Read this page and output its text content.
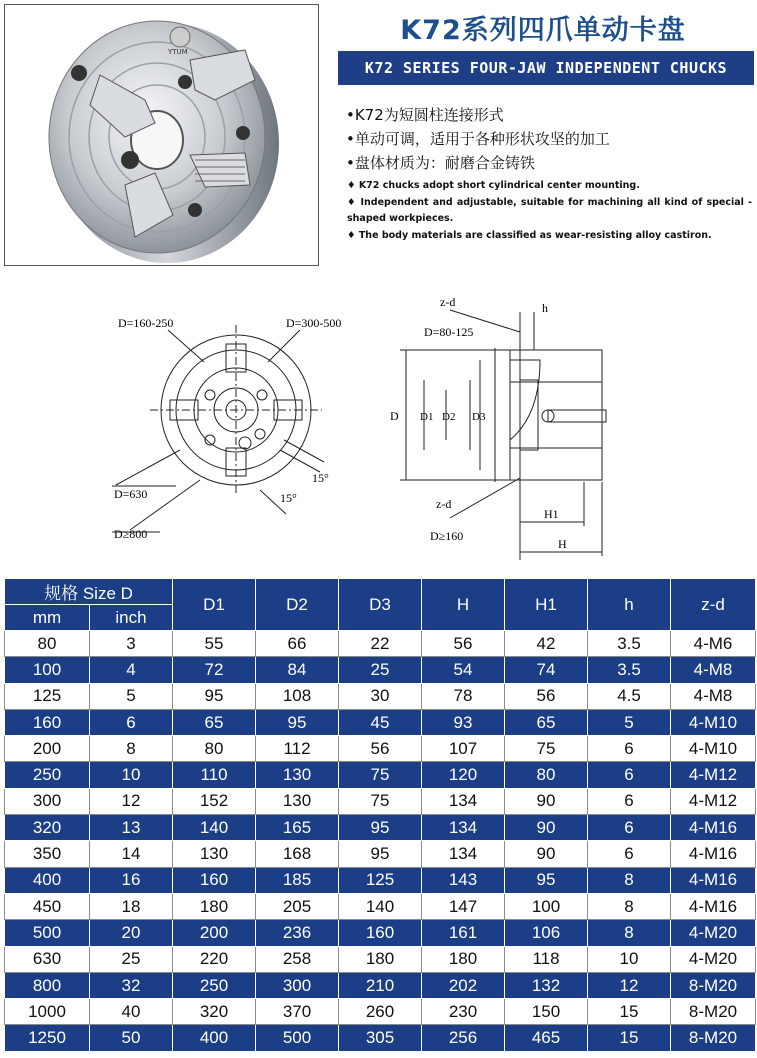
YTUM
K72系列四爪单动卡盘
K72 SERIES FOUR-JAW INDEPENDENT CHUCKS
•K72为短圆柱连接形式
•单动可调，适用于各种形状攻坚的加工
•盘体材质为：耐磨合金铸铁
♦ K72 chucks adopt short cylindrical center mounting.
♦ Independent and adjustable, suitable for machining all kind of special -shaped workpieces.
♦ The body materials are classified as wear-resisting alloy castiron.
D=160-250	D=300-500
D=630
D≥800
15°
15°
z-d	h
D=80-125
D D1 D2 D3
z-d
D≥160
H1
H
规格 Size D		D1	D2	D3	H	H1	h	z-d
mm	inch							
80	3	55	66	22	56	42	3.5	4-M6
100	4	72	84	25	54	74	3.5	4-M8
125	5	95	108	30	78	56	4.5	4-M8
160	6	65	95	45	93	65	5	4-M10
200	8	80	112	56	107	75	6	4-M10
250	10	110	130	75	120	80	6	4-M12
300	12	152	130	75	134	90	6	4-M12
320	13	140	165	95	134	90	6	4-M16
350	14	130	168	95	134	90	6	4-M16
400	16	160	185	125	143	95	8	4-M16
450	18	180	205	140	147	100	8	4-M16
500	20	200	236	160	161	106	8	4-M20
630	25	220	258	180	180	118	10	4-M20
800	32	250	300	210	202	132	12	8-M20
1000	40	320	370	260	230	150	15	8-M20
1250	50	400	500	305	256	465	15	8-M20
